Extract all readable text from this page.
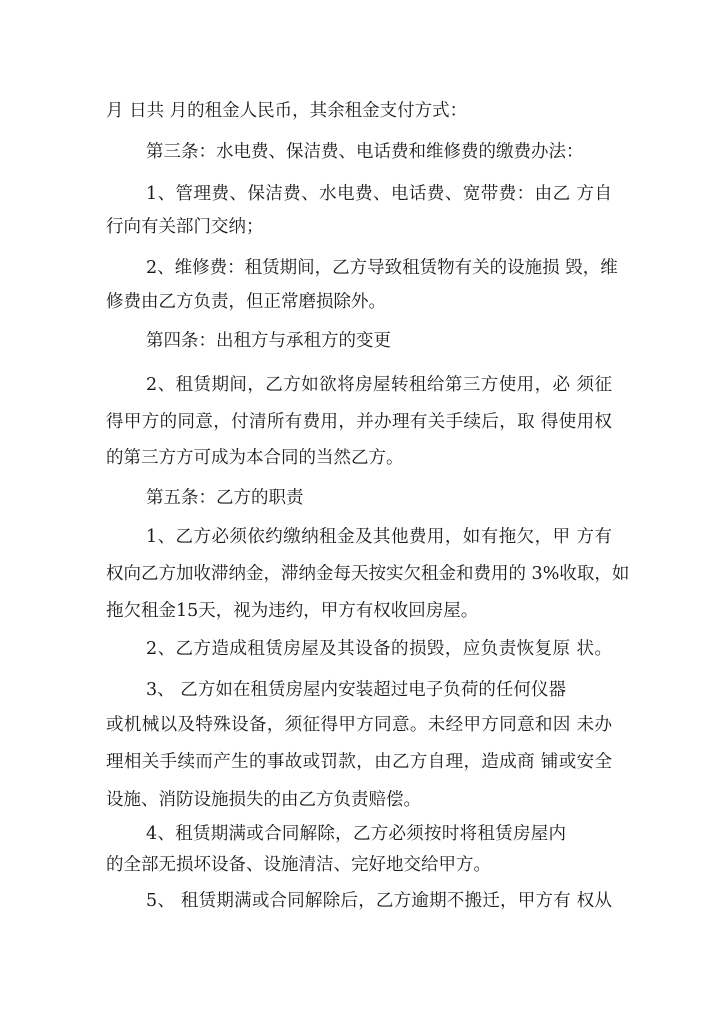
月 日共 月的租金人民币，其余租金支付方式：
第三条：水电费、保洁费、电话费和维修费的缴费办法：
1、管理费、保洁费、水电费、电话费、宽带费：由乙 方自
行向有关部门交纳；
2、维修费：租赁期间，乙方导致租赁物有关的设施损 毁，维
修费由乙方负责，但正常磨损除外。
第四条：出租方与承租方的变更
2、租赁期间，乙方如欲将房屋转租给第三方使用，必 须征
得甲方的同意，付清所有费用，并办理有关手续后，取 得使用权
的第三方方可成为本合同的当然乙方。
第五条：乙方的职责
1、乙方必须依约缴纳租金及其他费用，如有拖欠，甲 方有
权向乙方加收滞纳金，滞纳金每天按实欠租金和费用的 3%收取，如
拖欠租金15天，视为违约，甲方有权收回房屋。
2、乙方造成租赁房屋及其设备的损毁，应负责恢复原 状。
3、 乙方如在租赁房屋内安装超过电子负荷的任何仪器
或机械以及特殊设备，须征得甲方同意。未经甲方同意和因 未办
理相关手续而产生的事故或罚款，由乙方自理，造成商 铺或安全
设施、消防设施损失的由乙方负责赔偿。
4、租赁期满或合同解除，乙方必须按时将租赁房屋内
的全部无损坏设备、设施清洁、完好地交给甲方。
5、 租赁期满或合同解除后，乙方逾期不搬迁，甲方有 权从
